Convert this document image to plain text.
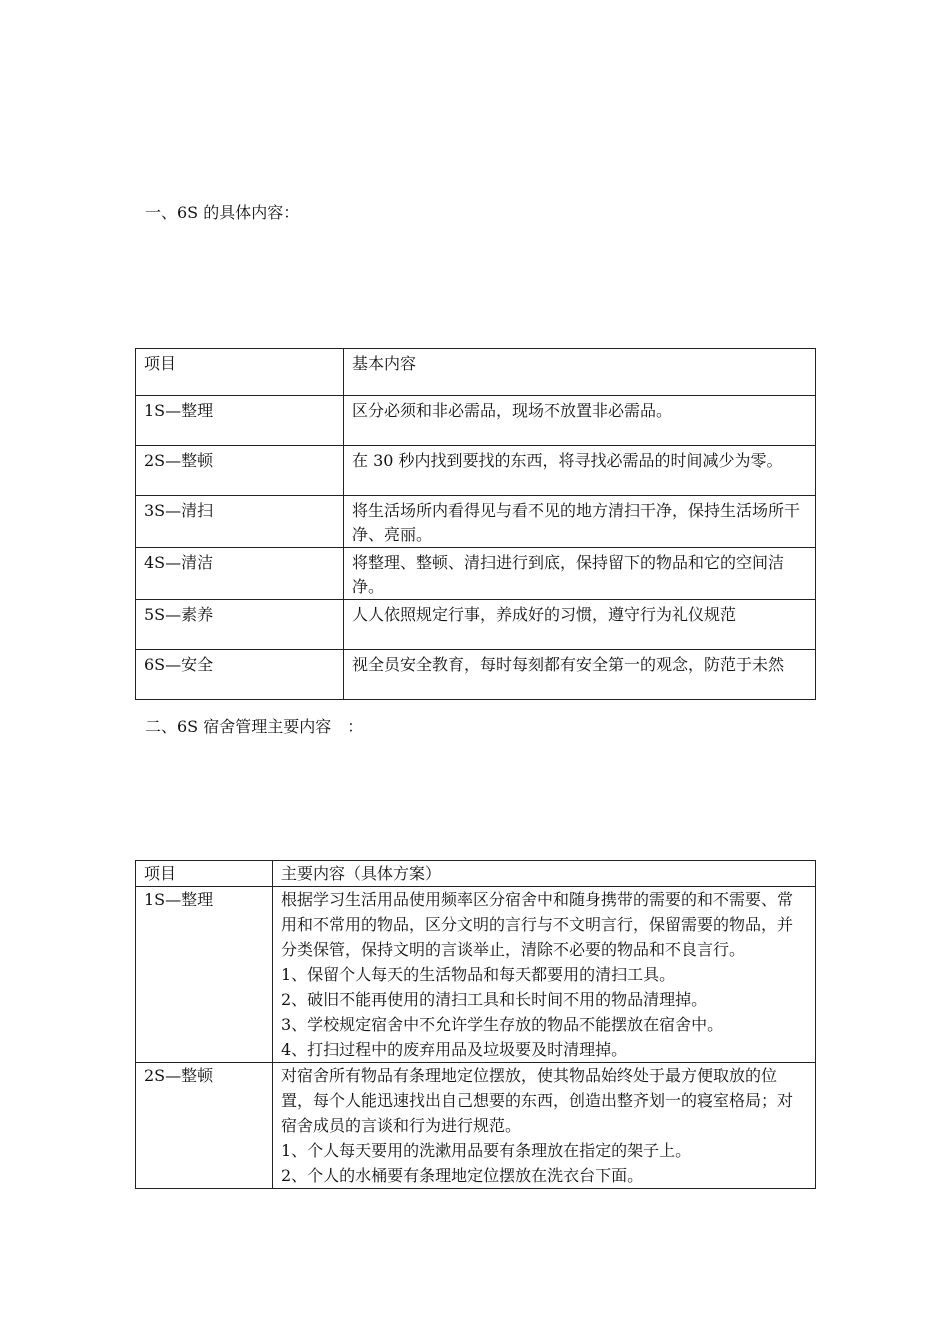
一、6S 的具体内容：
项目	基本内容
1S—整理	区分必须和非必需品，现场不放置非必需品。
2S—整顿	在 30 秒内找到要找的东西，将寻找必需品的时间减少为零。
3S—清扫	将生活场所内看得见与看不见的地方清扫干净，保持生活场所干净、亮丽。
4S—清洁	将整理、整顿、清扫进行到底，保持留下的物品和它的空间洁净。
5S—素养	人人依照规定行事，养成好的习惯，遵守行为礼仪规范
6S—安全	视全员安全教育，每时每刻都有安全第一的观念，防范于未然
二、6S 宿舍管理主要内容　：
项目	主要内容（具体方案）
1S—整理	根据学习生活用品使用频率区分宿舍中和随身携带的需要的和不需要、常用和不常用的物品，区分文明的言行与不文明言行，保留需要的物品，并分类保管，保持文明的言谈举止，清除不必要的物品和不良言行。
1、保留个人每天的生活物品和每天都要用的清扫工具。
2、破旧不能再使用的清扫工具和长时间不用的物品清理掉。
3、学校规定宿舍中不允许学生存放的物品不能摆放在宿舍中。
4、打扫过程中的废弃用品及垃圾要及时清理掉。

2S—整顿	对宿舍所有物品有条理地定位摆放，使其物品始终处于最方便取放的位置，每个人能迅速找出自己想要的东西，创造出整齐划一的寝室格局；对宿舍成员的言谈和行为进行规范。
1、个人每天要用的洗漱用品要有条理放在指定的架子上。
2、个人的水桶要有条理地定位摆放在洗衣台下面。
